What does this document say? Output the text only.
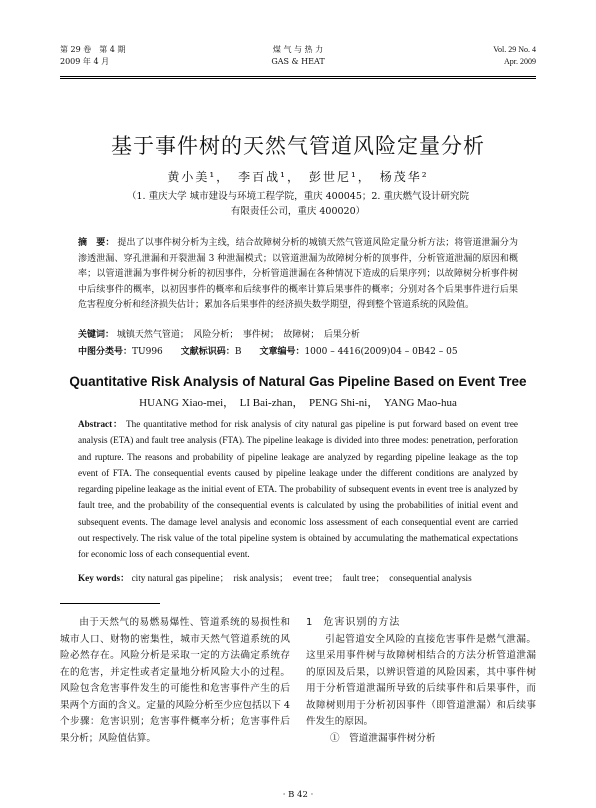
第 29 卷　第 4 期
2009 年 4 月
煤 气 与 热 力
GAS & HEAT
Vol. 29 No. 4
Apr. 2009
基于事件树的天然气管道风险定量分析
黄小美¹，　李百战¹，　彭世尼¹，　杨茂华²
（1. 重庆大学 城市建设与环境工程学院，重庆 400045；2. 重庆燃气设计研究院
有限责任公司，重庆 400020）
摘　要： 提出了以事件树分析为主线，结合故障树分析的城镇天然气管道风险定量分析方法；将管道泄漏分为渗透泄漏、穿孔泄漏和开裂泄漏 3 种泄漏模式；以管道泄漏为故障树分析的顶事件，分析管道泄漏的原因和概率；以管道泄漏为事件树分析的初因事件，分析管道泄漏在各种情况下造成的后果序列；以故障树分析事件树中后续事件的概率，以初因事件的概率和后续事件的概率计算后果事件的概率；分别对各个后果事件进行后果危害程度分析和经济损失估计；累加各后果事件的经济损失数学期望，得到整个管道系统的风险值。
关键词： 城镇天然气管道；　风险分析；　事件树；　故障树；　后果分析
中图分类号：TU996 文献标识码：B 文章编号：1000 – 4416(2009)04 – 0B42 – 05
Quantitative Risk Analysis of Natural Gas Pipeline Based on Event Tree
HUANG Xiao-mei，　LI Bai-zhan，　PENG Shi-ni，　YANG Mao-hua
Abstract： The quantitative method for risk analysis of city natural gas pipeline is put forward based on event tree analysis (ETA) and fault tree analysis (FTA). The pipeline leakage is divided into three modes: penetration, perforation and rupture. The reasons and probability of pipeline leakage are analyzed by regarding pipeline leakage as the top event of FTA. The consequential events caused by pipeline leakage under the different conditions are analyzed by regarding pipeline leakage as the initial event of ETA. The probability of subsequent events in event tree is analyzed by fault tree, and the probability of the consequential events is calculated by using the probabilities of initial event and subsequent events. The damage level analysis and economic loss assessment of each consequential event are carried out respectively. The risk value of the total pipeline system is obtained by accumulating the mathematical expectations for economic loss of each consequential event.
Key words： city natural gas pipeline；　risk analysis；　event tree；　fault tree；　consequential analysis
由于天然气的易燃易爆性、管道系统的易损性和城市人口、财物的密集性，城市天然气管道系统的风险必然存在。风险分析是采取一定的方法确定系统存在的危害，并定性或者定量地分析风险大小的过程。风险包含危害事件发生的可能性和危害事件产生的后果两个方面的含义。定量的风险分析至少应包括以下 4 个步骤：危害识别；危害事件概率分析；危害事件后果分析；风险值估算。
1 危害识别的方法
引起管道安全风险的直接危害事件是燃气泄漏。这里采用事件树与故障树相结合的方法分析管道泄漏的原因及后果，以辨识管道的风险因素，其中事件树用于分析管道泄漏所导致的后续事件和后果事件，而故障树则用于分析初因事件（即管道泄漏）和后续事件发生的原因。
①　管道泄漏事件树分析
· B 42 ·
